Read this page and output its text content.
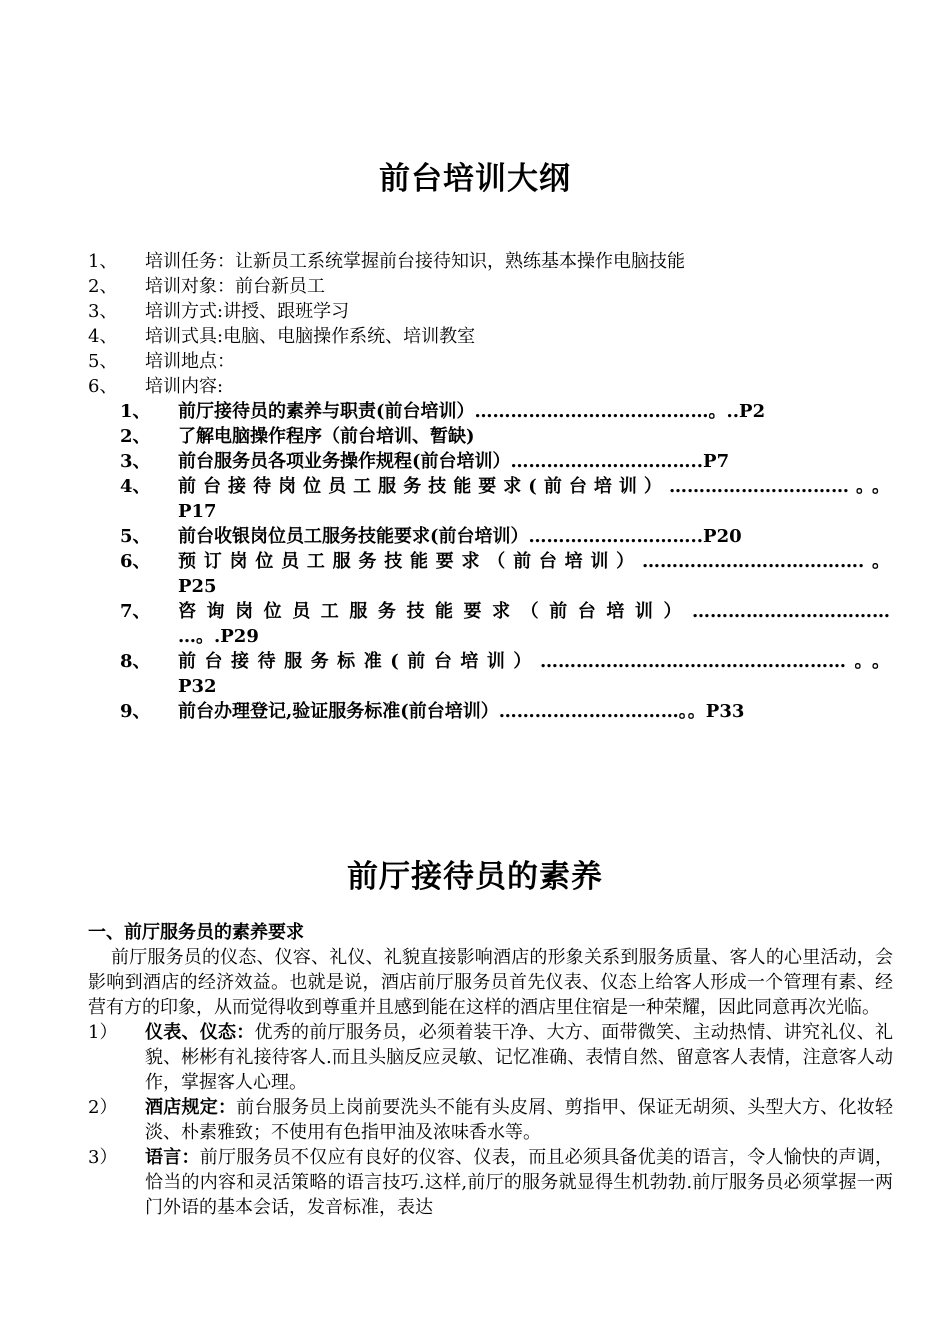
前台培训大纲
1、	培训任务：让新员工系统掌握前台接待知识，熟练基本操作电脑技能
2、	培训对象：前台新员工
3、	培训方式:讲授、跟班学习
4、	培训式具:电脑、电脑操作系统、培训教室
5、	培训地点：
6、	培训内容:
1、 前厅接待员的素养与职责(前台培训）…………………………………。..P2
2、 了解电脑操作程序（前台培训、暂缺)
3、 前台服务员各项业务操作规程(前台培训）…………………………..P7
4、 前台接待岗位员工服务技能要求(前台培训）…………………………。。
P17
5、 前台收银岗位员工服务技能要求(前台培训）………………………..P20
6、 预订岗位员工服务技能要求（前台培训）……………………………….。
P25
7、 咨询岗位员工服务技能要求（前台培训）……………………………
…。.P29
8、 前台接待服务标准(前台培训）……………………………………………。。
P32
9、 前台办理登记,验证服务标准(前台培训）…………………………。。P33
前厅接待员的素养
一、前厅服务员的素养要求

前厅服务员的仪态、仪容、礼仪、礼貌直接影响酒店的形象关系到服务质量、客人的心里活动，会影响到酒店的经济效益。也就是说，酒店前厅服务员首先仪表、仪态上给客人形成一个管理有素、经营有方的印象，从而觉得收到尊重并且感到能在这样的酒店里住宿是一种荣耀，因此同意再次光临。

1） 仪表、仪态：优秀的前厅服务员，必须着装干净、大方、面带微笑、主动热情、讲究礼仪、礼貌、彬彬有礼接待客人.而且头脑反应灵敏、记忆准确、表情自然、留意客人表情，注意客人动作，掌握客人心理。
2） 酒店规定：前台服务员上岗前要洗头不能有头皮屑、剪指甲、保证无胡须、头型大方、化妆轻淡、朴素雅致；不使用有色指甲油及浓味香水等。
3） 语言：前厅服务员不仅应有良好的仪容、仪表，而且必须具备优美的语言，令人愉快的声调，恰当的内容和灵活策略的语言技巧.这样,前厅的服务就显得生机勃勃.前厅服务员必须掌握一两门外语的基本会话，发音标准，表达
